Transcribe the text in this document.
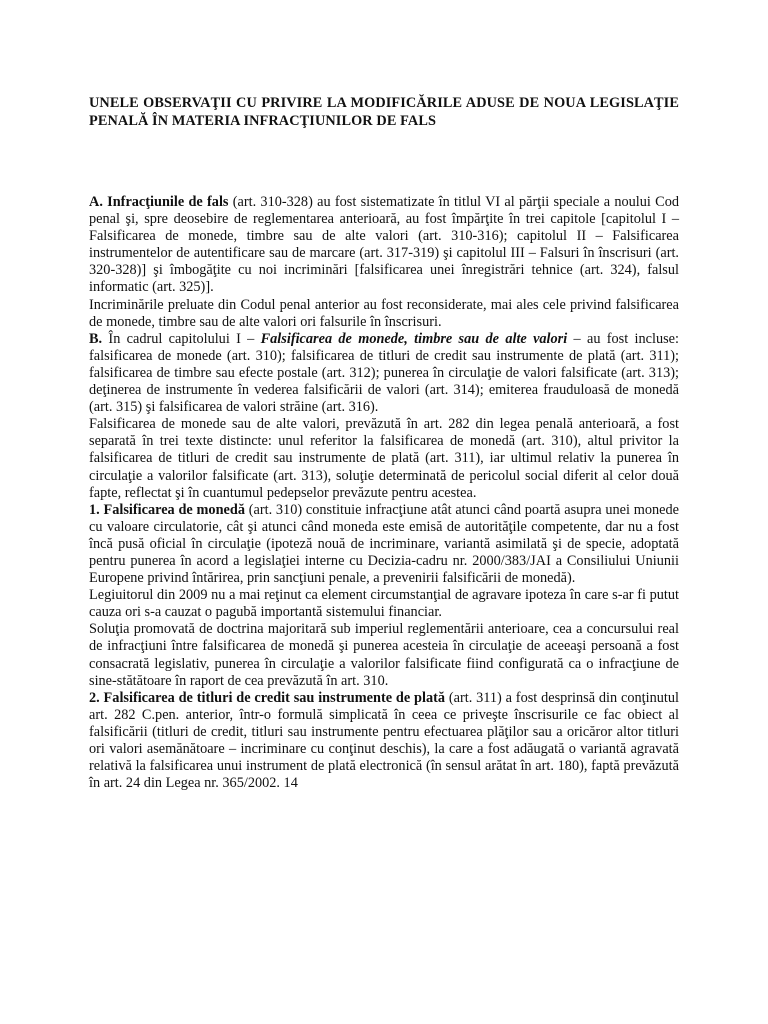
UNELE OBSERVAŢII CU PRIVIRE LA MODIFICĂRILE ADUSE DE NOUA LEGISLAŢIE PENALĂ ÎN MATERIA INFRACŢIUNILOR DE FALS

A. Infracţiunile de fals (art. 310-328) au fost sistematizate în titlul VI al părţii speciale a noului Cod penal şi, spre deosebire de reglementarea anterioară, au fost împărţite în trei capitole [capitolul I – Falsificarea de monede, timbre sau de alte valori (art. 310-316); capitolul II – Falsificarea instrumentelor de autentificare sau de marcare (art. 317-319) şi capitolul III – Falsuri în înscrisuri (art. 320-328)] şi îmbogăţite cu noi incriminări [falsificarea unei înregistrări tehnice (art. 324), falsul informatic (art. 325)].

Incriminările preluate din Codul penal anterior au fost reconsiderate, mai ales cele privind falsificarea de monede, timbre sau de alte valori ori falsurile în înscrisuri.

B. În cadrul capitolului I – Falsificarea de monede, timbre sau de alte valori – au fost incluse: falsificarea de monede (art. 310); falsificarea de titluri de credit sau instrumente de plată (art. 311); falsificarea de timbre sau efecte postale (art. 312); punerea în circulaţie de valori falsificate (art. 313); deţinerea de instrumente în vederea falsificării de valori (art. 314); emiterea frauduloasă de monedă (art. 315) şi falsificarea de valori străine (art. 316).

Falsificarea de monede sau de alte valori, prevăzută în art. 282 din legea penală anterioară, a fost separată în trei texte distincte: unul referitor la falsificarea de monedă (art. 310), altul privitor la falsificarea de titluri de credit sau instrumente de plată (art. 311), iar ultimul relativ la punerea în circulaţie a valorilor falsificate (art. 313), soluţie determinată de pericolul social diferit al celor două fapte, reflectat şi în cuantumul pedepselor prevăzute pentru acestea.

1. Falsificarea de monedă (art. 310) constituie infracţiune atât atunci când poartă asupra unei monede cu valoare circulatorie, cât şi atunci când moneda este emisă de autorităţile competente, dar nu a fost încă pusă oficial în circulaţie (ipoteză nouă de incriminare, variantă asimilată şi de specie, adoptată pentru punerea în acord a legislaţiei interne cu Decizia-cadru nr. 2000/383/JAI a Consiliului Uniunii Europene privind întărirea, prin sancţiuni penale, a prevenirii falsificării de monedă).

Legiuitorul din 2009 nu a mai reţinut ca element circumstanţial de agravare ipoteza în care s-ar fi putut cauza ori s-a cauzat o pagubă importantă sistemului financiar.

Soluţia promovată de doctrina majoritară sub imperiul reglementării anterioare, cea a concursului real de infracţiuni între falsificarea de monedă şi punerea acesteia în circulaţie de aceeaşi persoană a fost consacrată legislativ, punerea în circulaţie a valorilor falsificate fiind configurată ca o infracţiune de sine-stătătoare în raport de cea prevăzută în art. 310.

2. Falsificarea de titluri de credit sau instrumente de plată (art. 311) a fost desprinsă din conţinutul art. 282 C.pen. anterior, într-o formulă simplicată în ceea ce priveşte înscrisurile ce fac obiect al falsificării (titluri de credit, titluri sau instrumente pentru efectuarea plăţilor sau a oricăror altor titluri ori valori asemănătoare – incriminare cu conţinut deschis), la care a fost adăugată o variantă agravată relativă la falsificarea unui instrument de plată electronică (în sensul arătat în art. 180), faptă prevăzută în art. 24 din Legea nr. 365/2002. 14
